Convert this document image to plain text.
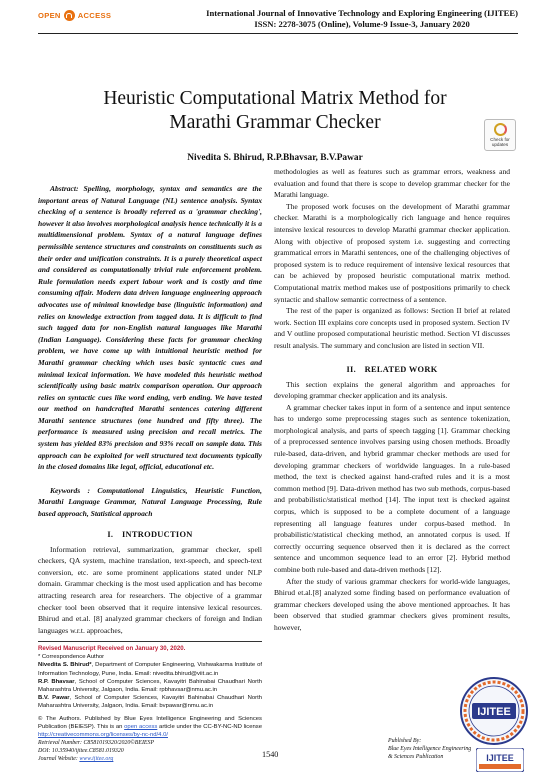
OPEN ACCESS	International Journal of Innovative Technology and Exploring Engineering (IJITEE)
ISSN: 2278-3075 (Online), Volume-9 Issue-3, January 2020
Heuristic Computational Matrix Method for
Marathi Grammar Checker
Check for updates
Nivedita S. Bhirud, R.P.Bhavsar, B.V.Pawar

Abstract: Spelling, morphology, syntax and semantics are the important areas of Natural Language (NL) sentence analysis. Syntax checking of a sentence is broadly referred as a 'grammar checking', however it also involves morphological analysis hence technically it is a multidimensional problem. Syntax of a natural language defines permissible sentence structures and constraints on constituents such as their order and unification constraints. It is a purely theoretical aspect and considered as computationally trivial rule enforcement problem. Rule formulation needs expert labour work and is costly and time consuming affair. Modern data driven language engineering approach advocates use of minimal knowledge base (linguistic information) and relies on knowledge extraction from tagged data. It is difficult to find such tagged data for non-English natural languages like Marathi (Indian Language). Considering these facts for grammar checking problem, we have come up with intuitional heuristic method for Marathi grammar checking which uses basic syntactic cues and minimal lexical information. We have modeled this heuristic method scientifically using basic matrix comparison operation. Our approach relies on syntactic cues like word ending, verb ending. We have tested our method on handcrafted Marathi sentences catering different Marathi sentence structures (one hundred and fifty three). The performance is measured using precision and recall metrics. The system has yielded 83% precision and 93% recall on sample data. This approach can be exploited for well structured text documents typically in the closed domains like legal, official, educational etc.

Keywords : Computational Linguistics, Heuristic Function, Marathi Language Grammar, Natural Language Processing, Rule based approach, Statistical approach

I. INTRODUCTION

Information retrieval, summarization, grammar checker, spell checkers, QA system, machine translation, text-speech, and speech-text conversion, etc. are some prominent applications stated under NLP domain. Grammar checking is the most used application and has become attracting research area for researchers. The objective of a grammar checker tool been observed that it require intensive lexical resources. Bhirud and et.al. [8] analyzed grammar checkers of foreign and Indian languages w.r.t. approaches,

Revised Manuscript Received on January 30, 2020.

* Correspondence Author

Nivedita S. Bhirud*, Department of Computer Engineering, Vishwakarma Institute of Information Technology, Pune, India. Email: nivedita.bhirud@viit.ac.in

R.P. Bhavsar, School of Computer Sciences, Kavayitri Bahinabai Chaudhari North Maharashtra University, Jalgaon, India. Email: rpbhavsar@nmu.ac.in

B.V. Pawar, School of Computer Sciences, Kavayitri Bahinabai Chaudhari North Maharashtra University, Jalgaon, India. Email: bvpawar@nmu.ac.in

© The Authors. Published by Blue Eyes Intelligence Engineering and Sciences Publication (BEIESP). This is an open access article under the CC-BY-NC-ND license http://creativecommons.org/licenses/by-nc-nd/4.0/

methodologies as well as features such as grammar errors, weakness and evaluation and found that there is scope to develop grammar checker for the Marathi language.

The proposed work focuses on the development of Marathi grammar checker. Marathi is a morphologically rich language and hence requires intensive lexical resources to develop Marathi grammar checker application. Along with objective of proposed system i.e. suggesting and correcting grammatical errors in Marathi sentences, one of the challenging objectives of proposed system is to reduce requirement of intensive lexical resources that can be achieved by proposed heuristic computational matrix method. Computational matrix method makes use of postpositions primarily to check syntactic and shallow semantic correctness of a sentence.

The rest of the paper is organized as follows: Section II brief at related work. Section III explains core concepts used in proposed system. Section IV and V outline proposed computational heuristic method. Section VI discusses result analysis. The summary and conclusion are listed in section VII.

II. RELATED WORK

This section explains the general algorithm and approaches for developing grammar checker application and its analysis.

A grammar checker takes input in form of a sentence and input sentence has to undergo some preprocessing stages such as sentence tokenization, morphological analysis, and parts of speech tagging [1]. Grammar checking of a preprocessed sentence involves parsing using chosen methods. Broadly rule-based, data-driven, and hybrid grammar checker methods are used for developing grammar checkers of worldwide languages. In a rule-based method, the text is checked against hand-crafted rules and it is a most common method [9]. Data-driven method has two sub methods, corpus-based and probabilistic/statistical method [14]. The input text is checked against corpus, which is supposed to be a complete document of a language representing all language features under corpus-based method. In probabilistic/statistical checking method, an annotated corpus is used. If correctly occurring sequence observed then it is declared as the correct sentence and uncommon sequence lead to an error [2]. Hybrid method combine both rule-based and data-driven methods [12].

After the study of various grammar checkers for world-wide languages, Bhirud et.al.[8] analyzed some finding based on performance evaluation of grammar checkers developed using the above mentioned approaches. It has been observed that studied grammar checkers gives prominent results, however,

Retrieval Number: C8581019320/2020©BEIESP
DOI: 10.35940/ijitee.C8581.019320
Journal Website: www.ijitee.org
1540
Published By:
Blue Eyes Intelligence Engineering
& Sciences Publication
IJITEE
IJITEE
